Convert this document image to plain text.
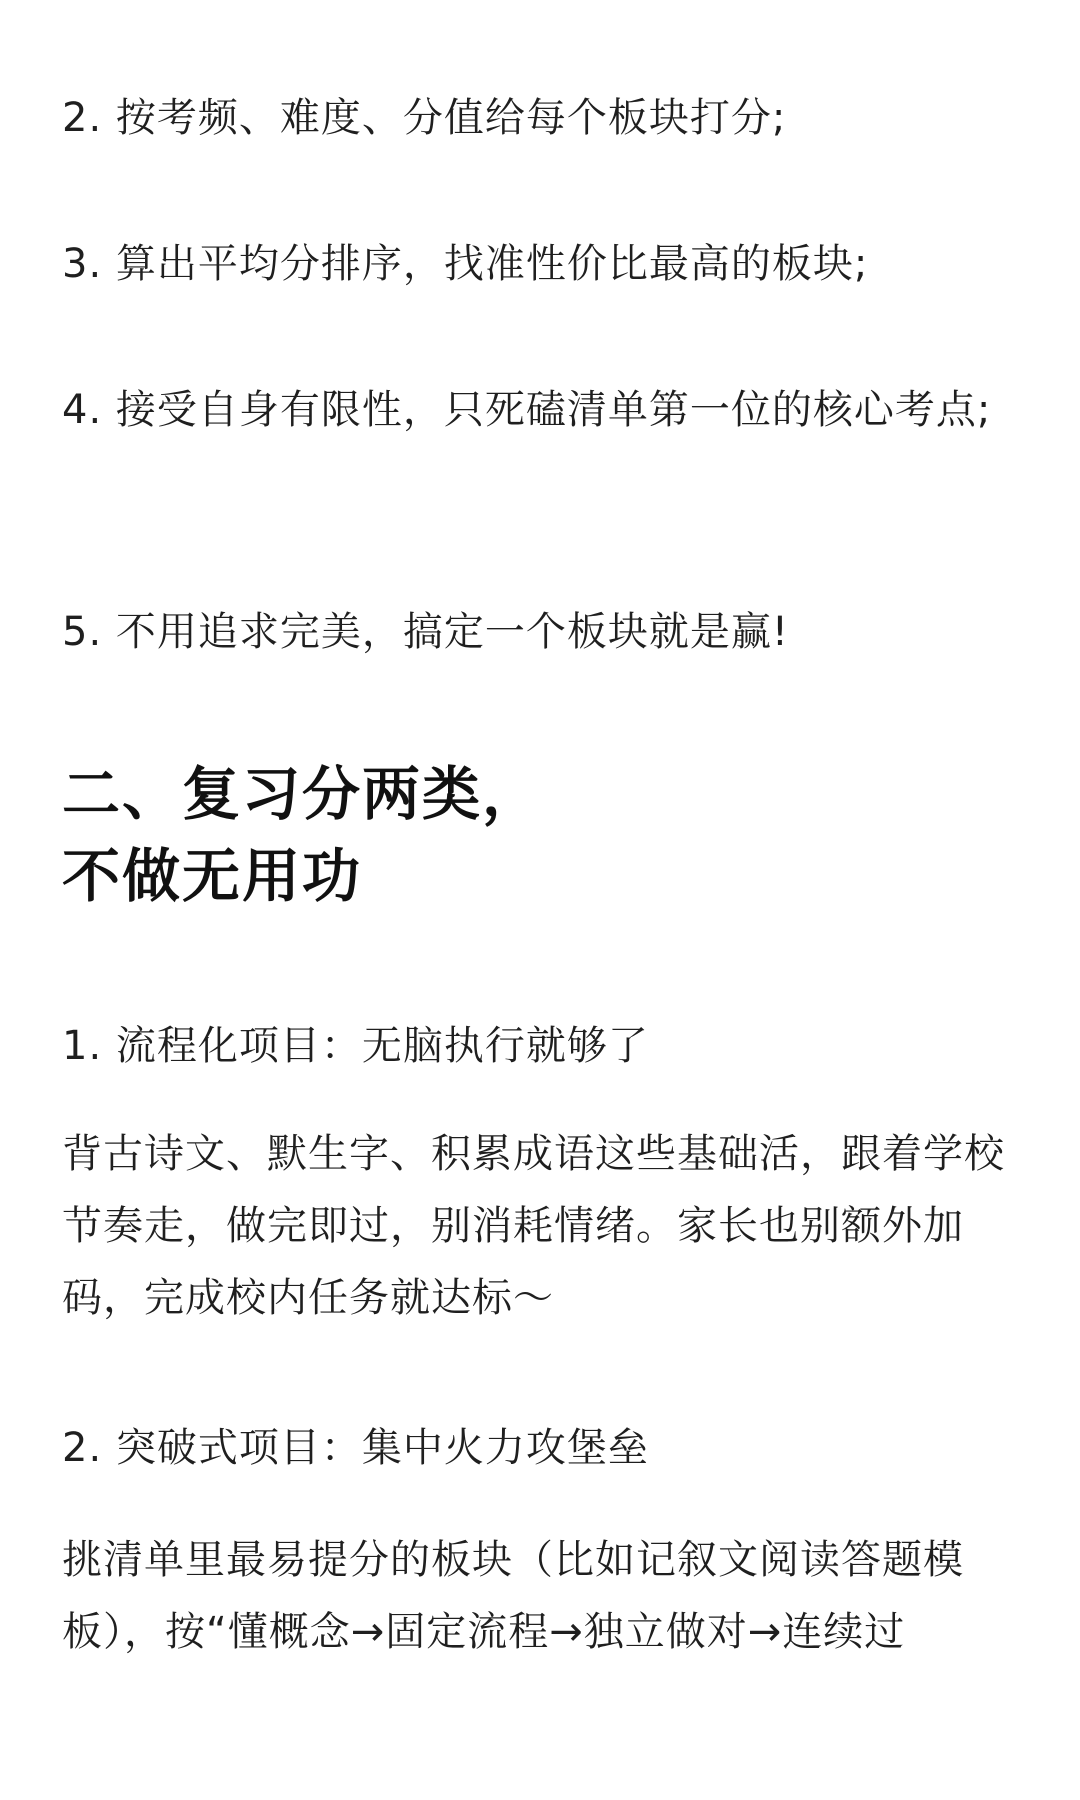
2. 按考频、难度、分值给每个板块打分;

3. 算出平均分排序，找准性价比最高的板块;

4. 接受自身有限性，只死磕清单第一位的核心考点;

5. 不用追求完美，搞定一个板块就是赢!

二、复习分两类，
不做无用功

1. 流程化项目：无脑执行就够了

背古诗文、默生字、积累成语这些基础活，跟着学校节奏走，做完即过，别消耗情绪。家长也别额外加码，完成校内任务就达标～

2. 突破式项目：集中火力攻堡垒

挑清单里最易提分的板块（比如记叙文阅读答题模板），按“懂概念→固定流程→独立做对→连续过
